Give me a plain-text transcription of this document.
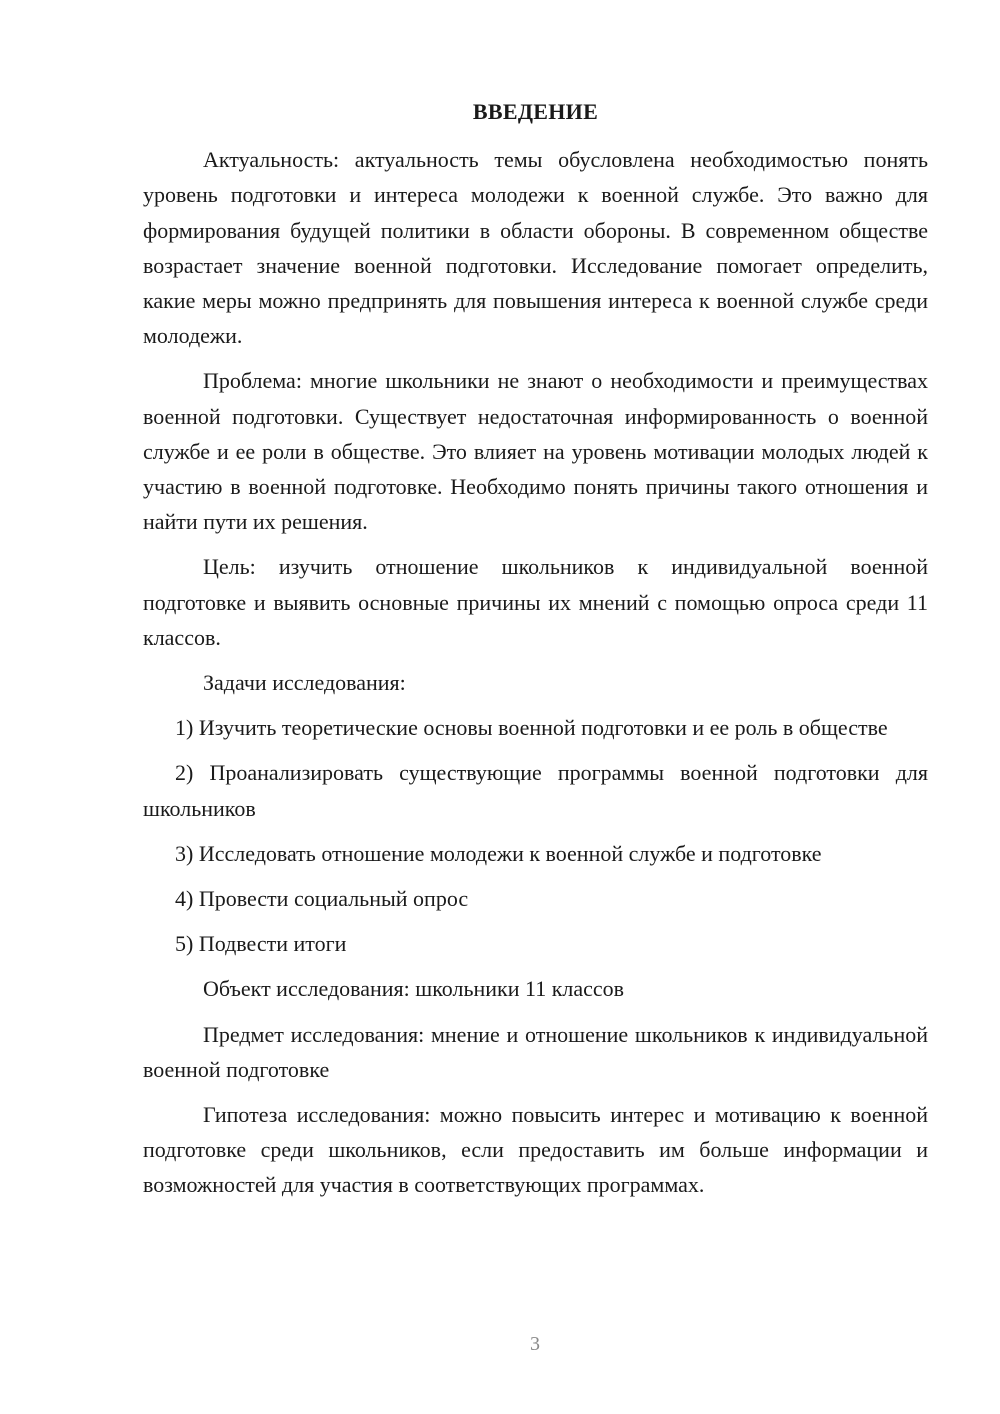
ВВЕДЕНИЕ

Актуальность: актуальность темы обусловлена необходимостью понять уровень подготовки и интереса молодежи к военной службе. Это важно для формирования будущей политики в области обороны. В современном обществе возрастает значение военной подготовки. Исследование помогает определить, какие меры можно предпринять для повышения интереса к военной службе среди молодежи.

Проблема: многие школьники не знают о необходимости и преимуществах военной подготовки. Существует недостаточная информированность о военной службе и ее роли в обществе. Это влияет на уровень мотивации молодых людей к участию в военной подготовке. Необходимо понять причины такого отношения и найти пути их решения.

Цель: изучить отношение школьников к индивидуальной военной подготовке и выявить основные причины их мнений с помощью опроса среди 11 классов.

Задачи исследования:

1) Изучить теоретические основы военной подготовки и ее роль в обществе

2) Проанализировать существующие программы военной подготовки для школьников

3) Исследовать отношение молодежи к военной службе и подготовке

4) Провести социальный опрос

5) Подвести итоги

Объект исследования: школьники 11 классов

Предмет исследования: мнение и отношение школьников к индивидуальной военной подготовке

Гипотеза исследования: можно повысить интерес и мотивацию к военной подготовке среди школьников, если предоставить им больше информации и возможностей для участия в соответствующих программах.

3
